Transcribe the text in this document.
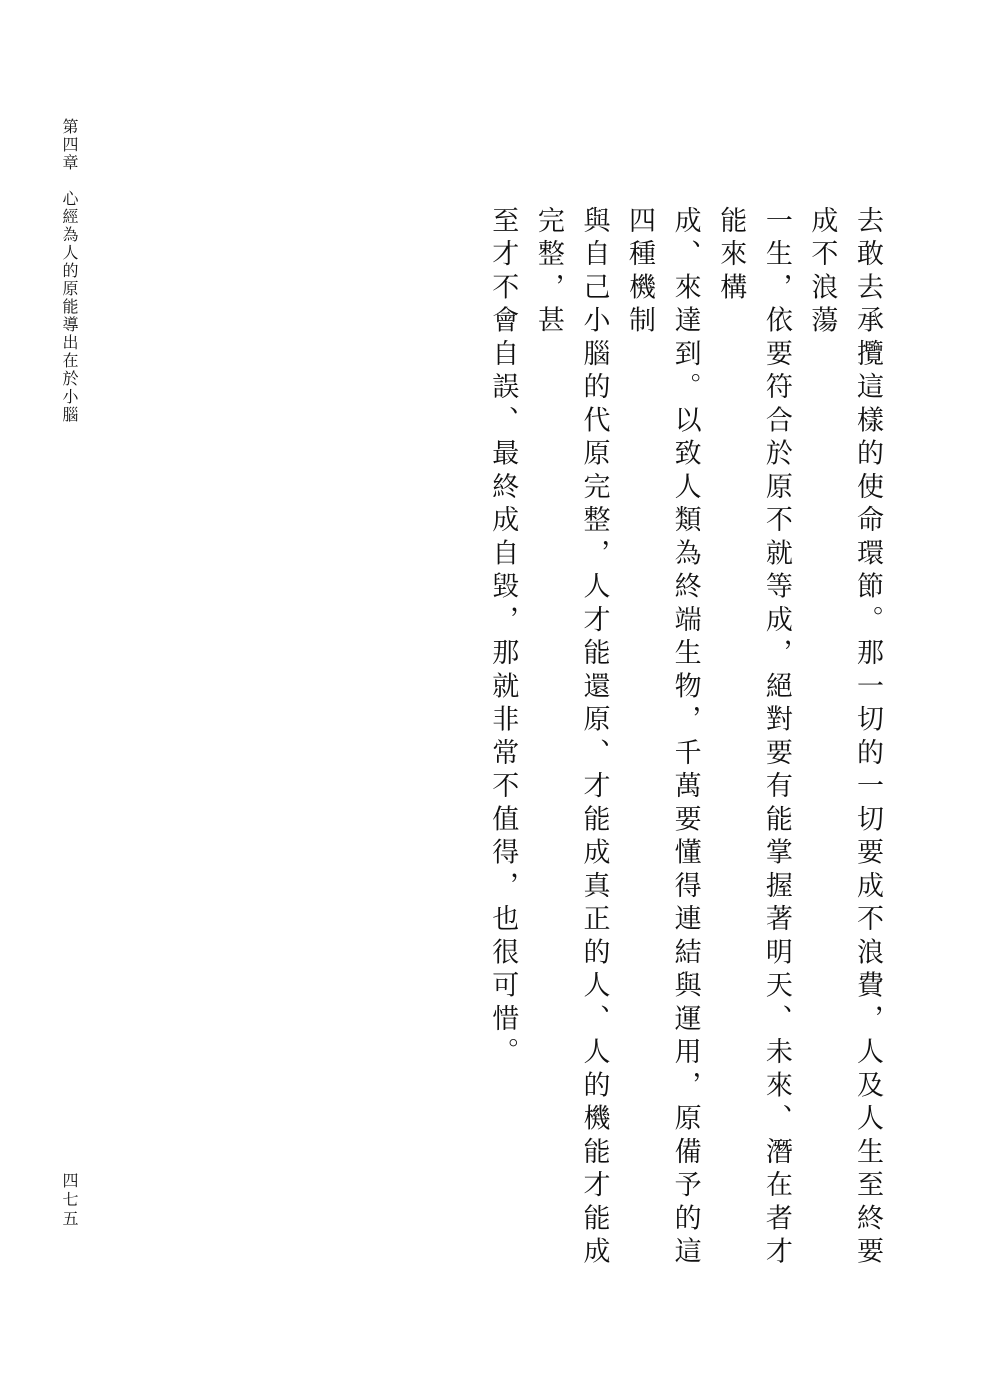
第四章　心經為人的原能導出在於小腦	去敢去承攬這樣的使命環節。那一切的一切要成不浪費，人及人生至終要成不浪蕩
一生，依要符合於原不就等成，絕對要有能掌握著明天、未來、潛在者才能來構
成、來達到。以致人類為終端生物，千萬要懂得連結與運用，原備予的這四種機制
與自己小腦的代原完整，人才能還原、才能成真正的人、人的機能才能成完整，甚
至才不會自誤、最終成自毀，那就非常不值得，也很可惜。
四七五
